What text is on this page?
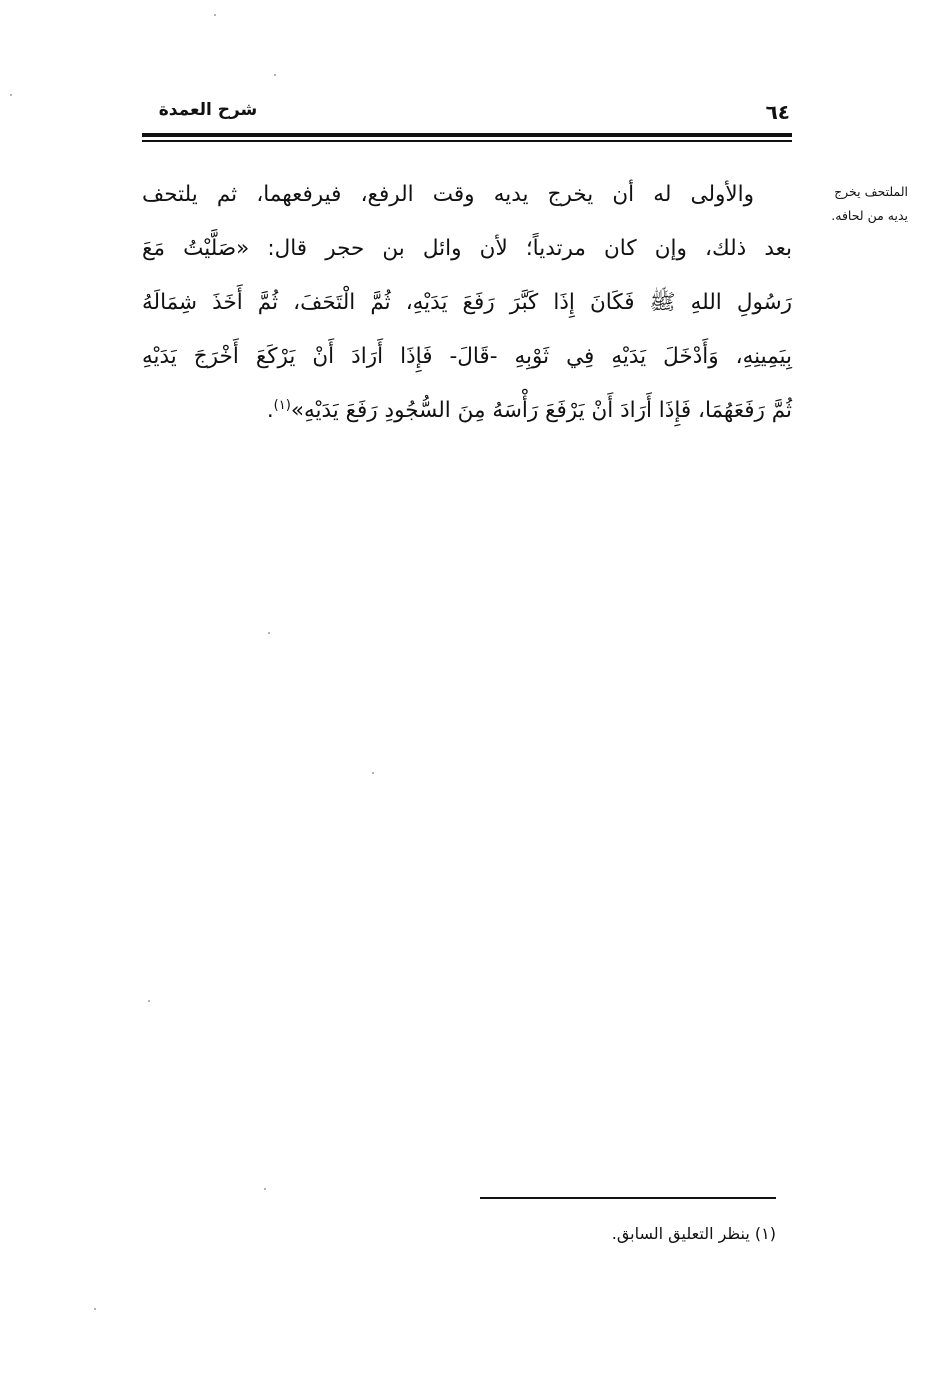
شرح العمدة	٦٤
الملتحف يخرج
يديه من لحافه.
والأولى له أن يخرج يديه وقت الرفع، فيرفعهما، ثم يلتحف
بعد ذلك، وإن كان مرتدياً؛ لأن وائل بن حجر قال: «صَلَّيْتُ مَعَ
رَسُولِ اللهِ ﷺ فَكَانَ إِذَا كَبَّرَ رَفَعَ يَدَيْهِ، ثُمَّ الْتَحَفَ، ثُمَّ أَخَذَ شِمَالَهُ
بِيَمِينِهِ، وَأَدْخَلَ يَدَيْهِ فِي ثَوْبِهِ -قَالَ- فَإِذَا أَرَادَ أَنْ يَرْكَعَ أَخْرَجَ يَدَيْهِ
ثُمَّ رَفَعَهُمَا، فَإِذَا أَرَادَ أَنْ يَرْفَعَ رَأْسَهُ مِنَ السُّجُودِ رَفَعَ يَدَيْهِ»$^{(١)}$.
(١) ينظر التعليق السابق.
